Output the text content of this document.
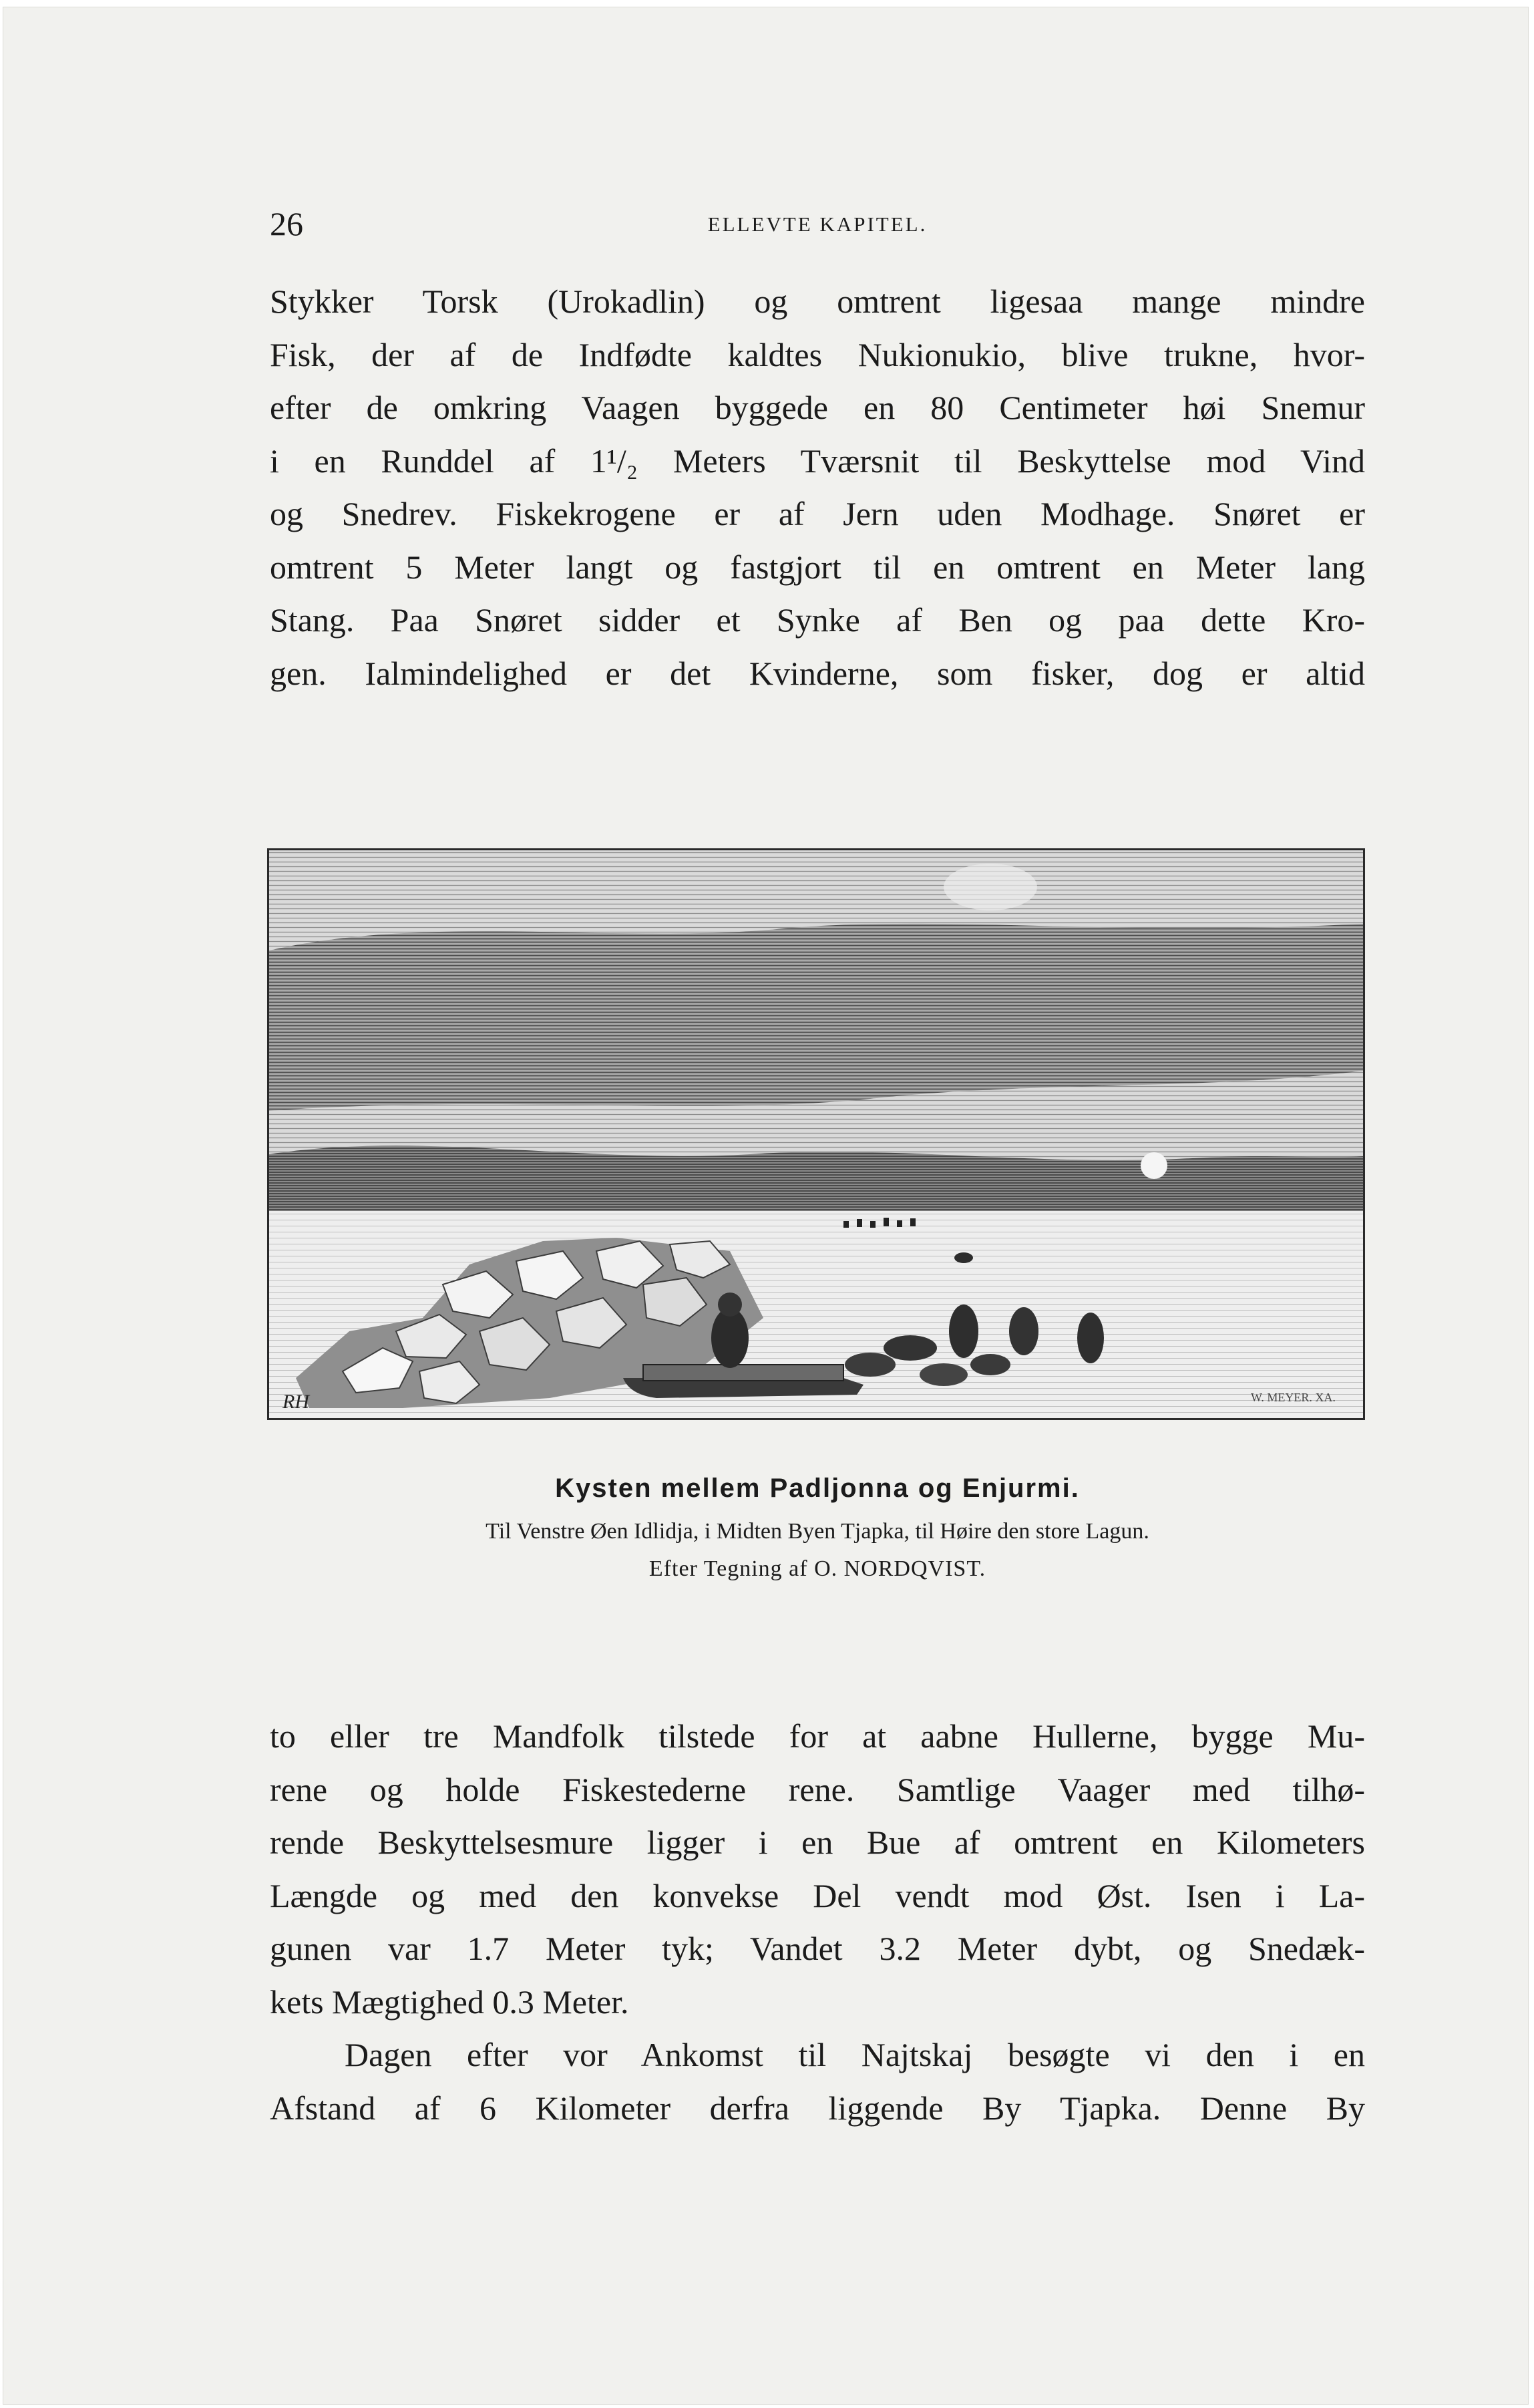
26	ELLEVTE KAPITEL.
Stykker Torsk (Urokadlin) og omtrent ligesaa mange mindre
Fisk, der af de Indfødte kaldtes Nukionukio, blive trukne, hvor-
efter de omkring Vaagen byggede en 80 Centimeter høi Snemur
i en Runddel af 1¹/₂ Meters Tværsnit til Beskyttelse mod Vind
og Snedrev. Fiskekrogene er af Jern uden Modhage. Snøret er
omtrent 5 Meter langt og fastgjort til en omtrent en Meter lang
Stang. Paa Snøret sidder et Synke af Ben og paa dette Kro-
gen. Ialmindelighed er det Kvinderne, som fisker, dog er altid
RH	W. MEYER. XA.
Kysten mellem Padljonna og Enjurmi.
Til Venstre Øen Idlidja, i Midten Byen Tjapka, til Høire den store Lagun.
Efter Tegning af O. NORDQVIST.
to eller tre Mandfolk tilstede for at aabne Hullerne, bygge Mu-
rene og holde Fiskestederne rene. Samtlige Vaager med tilhø-
rende Beskyttelsesmure ligger i en Bue af omtrent en Kilometers
Længde og med den konvekse Del vendt mod Øst. Isen i La-
gunen var 1.7 Meter tyk; Vandet 3.2 Meter dybt, og Snedæk-
kets Mægtighed 0.3 Meter.
Dagen efter vor Ankomst til Najtskaj besøgte vi den i en
Afstand af 6 Kilometer derfra liggende By Tjapka. Denne By
